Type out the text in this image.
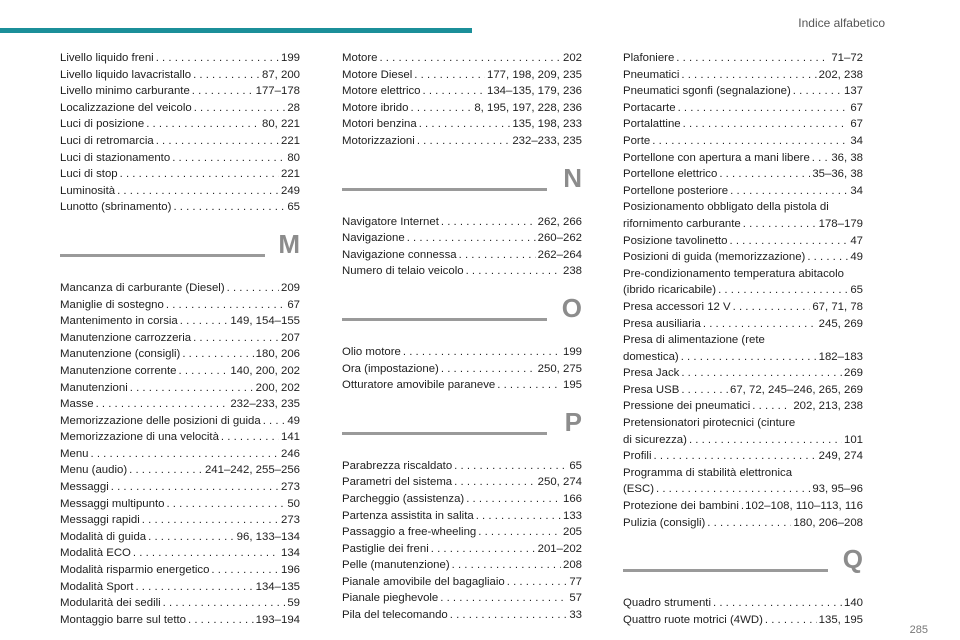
Indice alfabetico
Livello liquido freni . . .	199
Livello liquido lavacristallo . . .	87, 200
Livello minimo carburante . . .	177–178
Localizzazione del veicolo . . .	28
Luci di posizione . . .	80, 221
Luci di retromarcia . . .	221
Luci di stazionamento . . .	80
Luci di stop . . .	221
Luminosità . . .	249
Lunotto (sbrinamento) . . .	65
M
Mancanza di carburante (Diesel) . . .	209
Maniglie di sostegno . . .	67
Mantenimento in corsia . . .	149, 154–155
Manutenzione carrozzeria . . .	207
Manutenzione (consigli) . . .	180, 206
Manutenzione corrente . . .	140, 200, 202
Manutenzioni . . .	200, 202
Masse . . .	232–233, 235
Memorizzazione delle posizioni di guida . . . 49
Memorizzazione di una velocità . . .	141
Menu . . .	246
Menu (audio) . . .	241–242, 255–256
Messaggi . . .	273
Messaggi multipunto . . .	50
Messaggi rapidi . . .	273
Modalità di guida . . .	96, 133–134
Modalità ECO . . .	134
Modalità risparmio energetico . . .	196
Modalità Sport . . .	134–135
Modularità dei sedili . . .	59
Montaggio barre sul tetto . . .	193–194
Motore . . .	202
Motore Diesel . . .	177, 198, 209, 235
Motore elettrico . . .	134–135, 179, 236
Motore ibrido . . .	8, 195, 197, 228, 236
Motori benzina . . .	135, 198, 233
Motorizzazioni . . .	232–233, 235
N
Navigatore Internet . . .	262, 266
Navigazione . . .	260–262
Navigazione connessa . . .	262–264
Numero di telaio veicolo . . .	238
O
Olio motore . . .	199
Ora (impostazione) . . .	250, 275
Otturatore amovibile paraneve . . .	195
P
Parabrezza riscaldato . . .	65
Parametri del sistema . . .	250, 274
Parcheggio (assistenza) . . .	166
Partenza assistita in salita . . .	133
Passaggio a free-wheeling . . .	205
Pastiglie dei freni . . .	201–202
Pelle (manutenzione) . . .	208
Pianale amovibile del bagagliaio . . .	77
Pianale pieghevole . . .	57
Pila del telecomando . . .	33
Plafoniere . . .	71–72
Pneumatici . . .	202, 238
Pneumatici sgonfi (segnalazione) . . .	137
Portacarte . . .	67
Portalattine . . .	67
Porte . . .	34
Portellone con apertura a mani libere . . . 36, 38
Portellone elettrico . . .	35–36, 38
Portellone posteriore . . .	34
Posizionamento obbligato della pistola di
rifornimento carburante . . .	178–179
Posizione tavolinetto . . .	47
Posizioni di guida (memorizzazione) . . .	49
Pre-condizionamento temperatura abitacolo
(ibrido ricaricabile) . . .	65
Presa accessori 12 V . . .	67, 71, 78
Presa ausiliaria . . .	245, 269
Presa di alimentazione (rete
domestica) . . .	182–183
Presa Jack . . .	269
Presa USB . . .	67, 72, 245–246, 265, 269
Pressione dei pneumatici . . .	202, 213, 238
Pretensionatori pirotecnici (cinture
di sicurezza) . . .	101
Profili . . .	249, 274
Programma di stabilità elettronica
(ESC) . . .	93, 95–96
Protezione dei bambini . . . 102–108, 110–113, 116
Pulizia (consigli) . . .	180, 206–208
Q
Quadro strumenti . . .	140
Quattro ruote motrici (4WD) . . .	135, 195
285
